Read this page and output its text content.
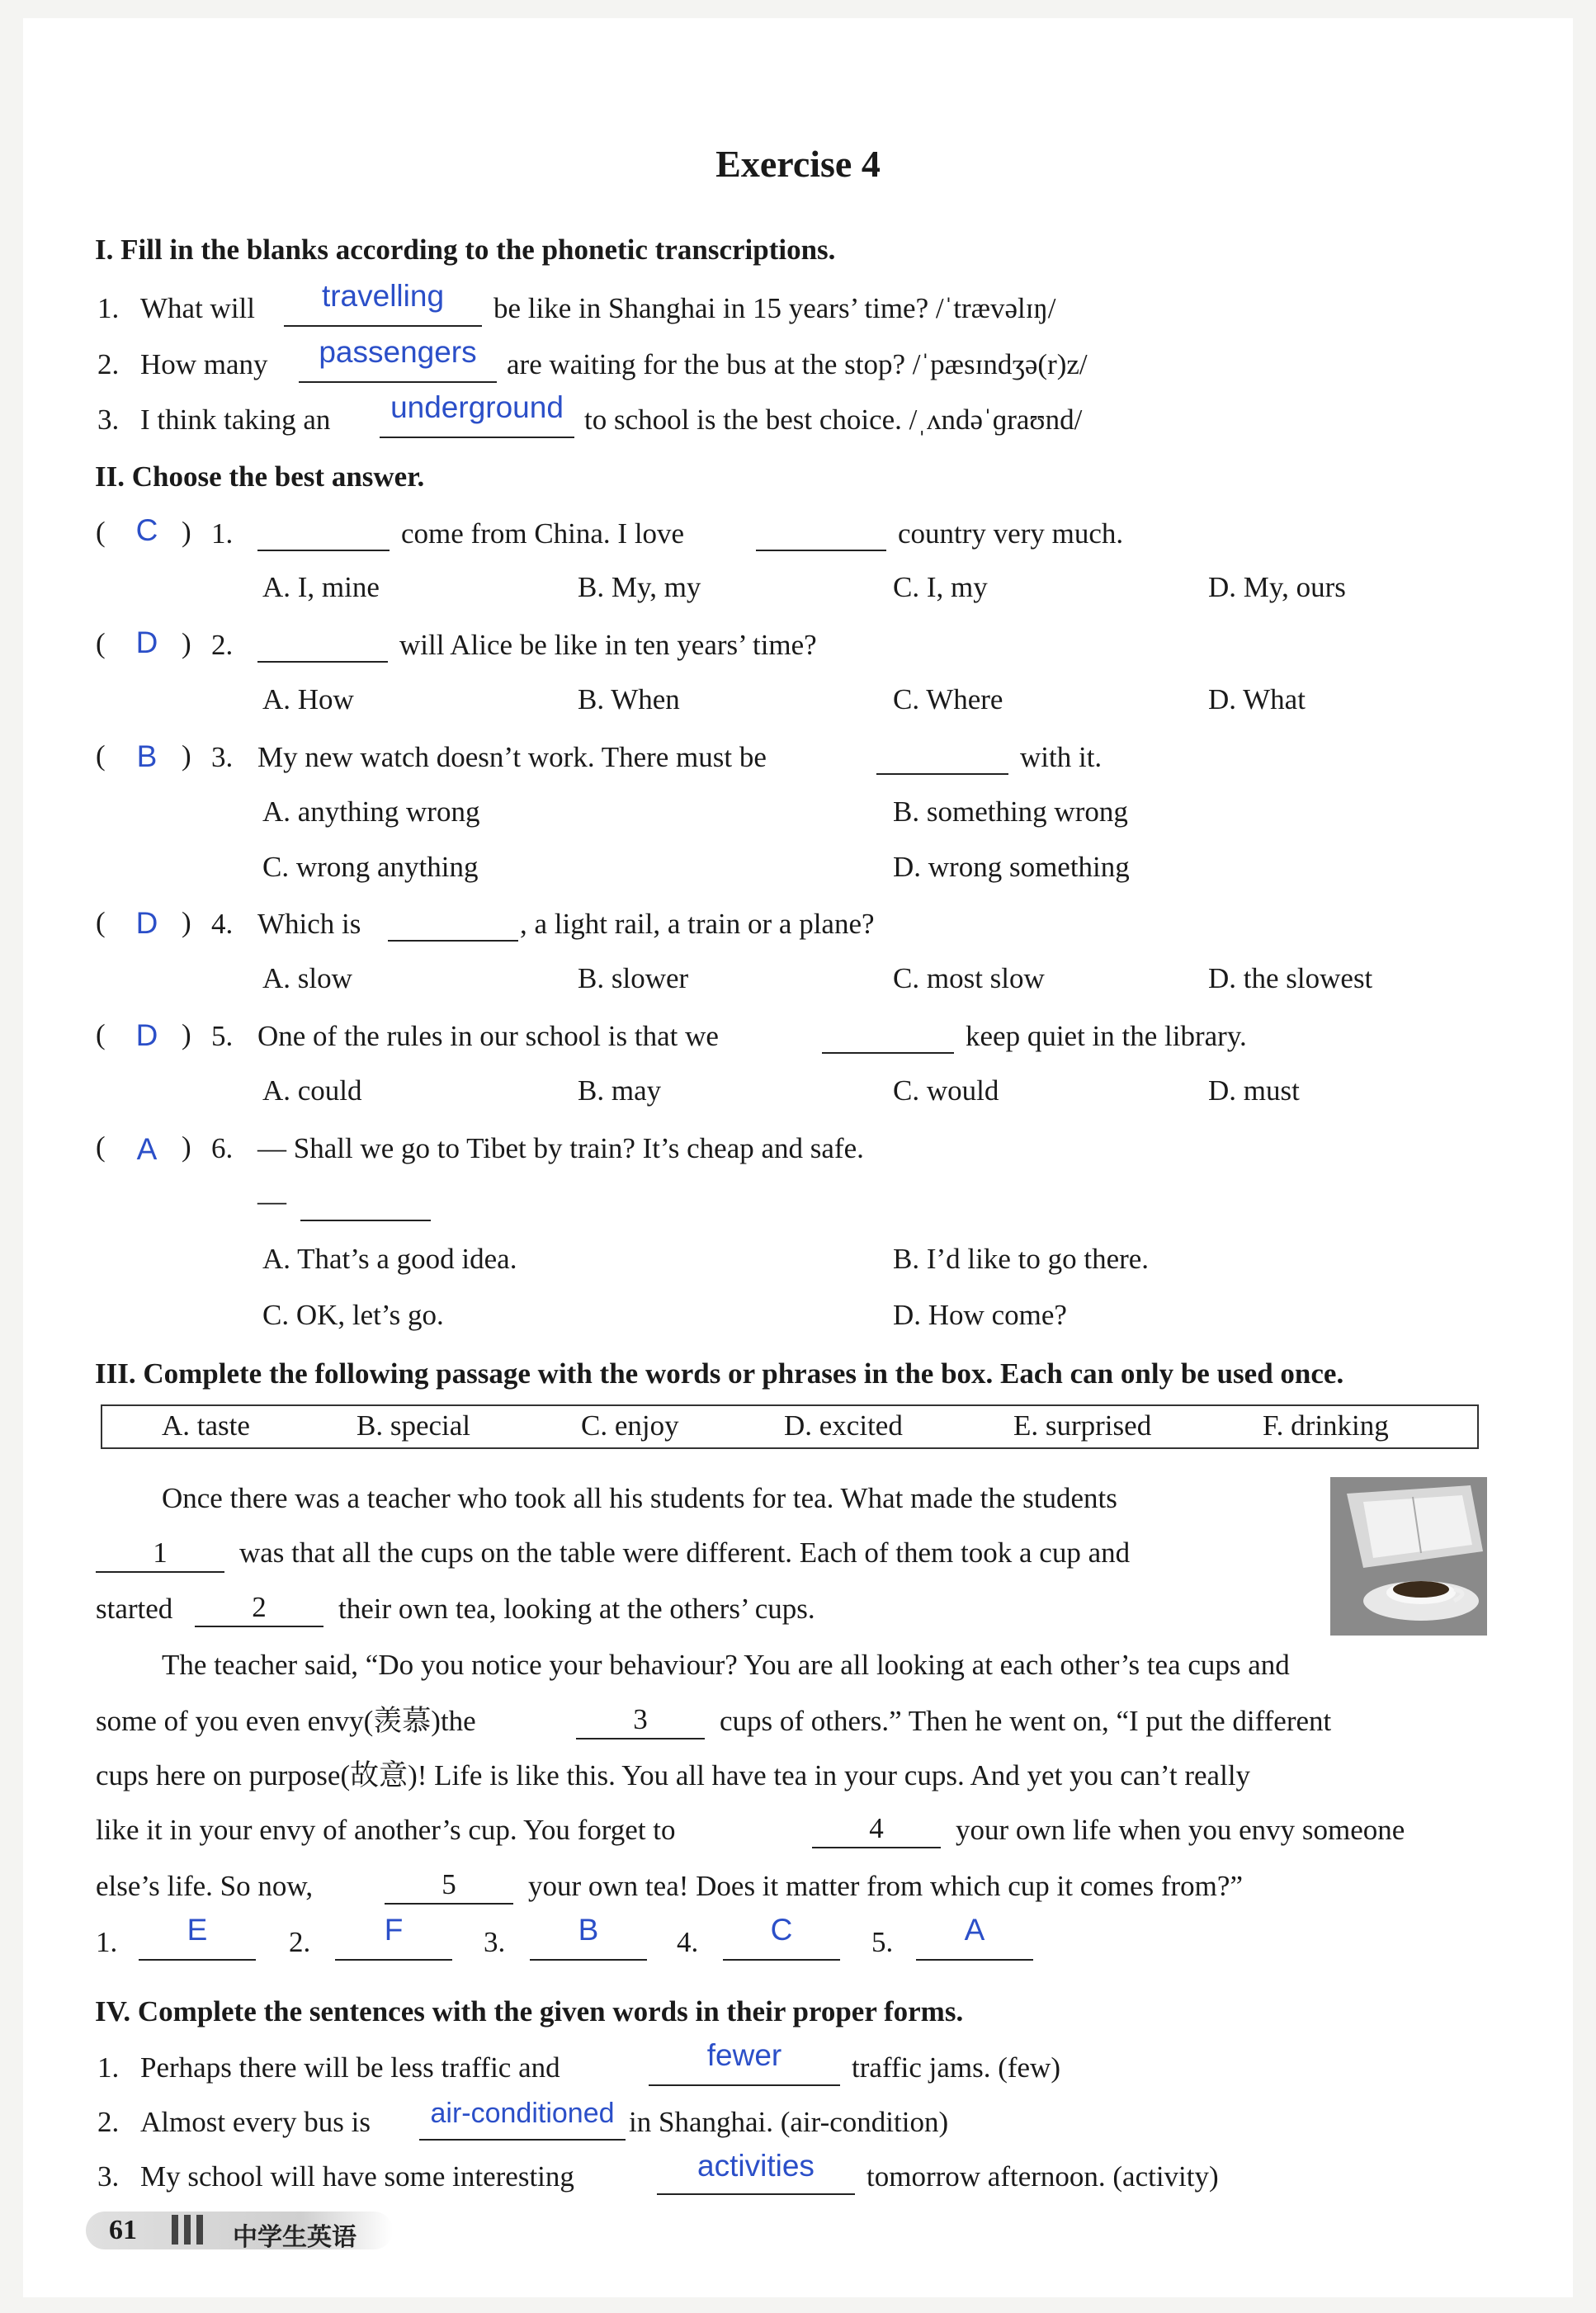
Exercise 4
I. Fill in the blanks according to the phonetic transcriptions.
1. What will	travelling	be like in Shanghai in 15 years’ time? /ˈtrævəlɪŋ/
2. How many	passengers	are waiting for the bus at the stop? /ˈpæsɪndʒə(r)z/
3. I think taking an	underground to school is the best choice. /ˌʌndəˈɡraʊnd/
II. Choose the best answer.
( C ) 1.	come from China. I love	country very much.
A. I, mine	B. My, my	C. I, my	D. My, ours
( D ) 2.	will Alice be like in ten years’ time?
A. How	B. When	C. Where	D. What
(	B ) 3. My new watch doesn’t work. There must be	with it.
A. anything wrong	B. something wrong
C. wrong anything	D. wrong something
( D ) 4. Which is	, a light rail, a train or a plane?
A. slow	B. slower	C. most slow	D. the slowest
( D ) 5. One of the rules in our school is that we	keep quiet in the library.
A. could	B. may	C. would	D. must
(	A ) 6. — Shall we go to Tibet by train? It’s cheap and safe.
—
A. That’s a good idea.	B. I’d like to go there.
C. OK, let’s go.	D. How come?
III. Complete the following passage with the words or phrases in the box. Each can only be used once.
A. taste	B. special	C. enjoy	D. excited	E. surprised	F. drinking
Once there was a teacher who took all his students for tea. What made the students
1	was that all the cups on the table were different. Each of them took a cup and
started	2	their own tea, looking at the others’ cups.
The teacher said, “Do you notice your behaviour? You are all looking at each other’s tea cups and
some of you even envy(羡慕)the	3	cups of others.” Then he went on, “I put the different
cups here on purpose(故意)! Life is like this. You all have tea in your cups. And yet you can’t really
like it in your envy of another’s cup. You forget to	4	your own life when you envy someone
else’s life. So now,	5	your own tea! Does it matter from which cup it comes from?”
1.	E	2.	F	3.	B	4.	C	5.	A
IV. Complete the sentences with the given words in their proper forms.
1. Perhaps there will be less traffic and	fewer	traffic jams. (few)
2. Almost every bus is	air-conditioned in Shanghai. (air-condition)
3. My school will have some interesting	activities	tomorrow afternoon. (activity)
61	中学生英语
